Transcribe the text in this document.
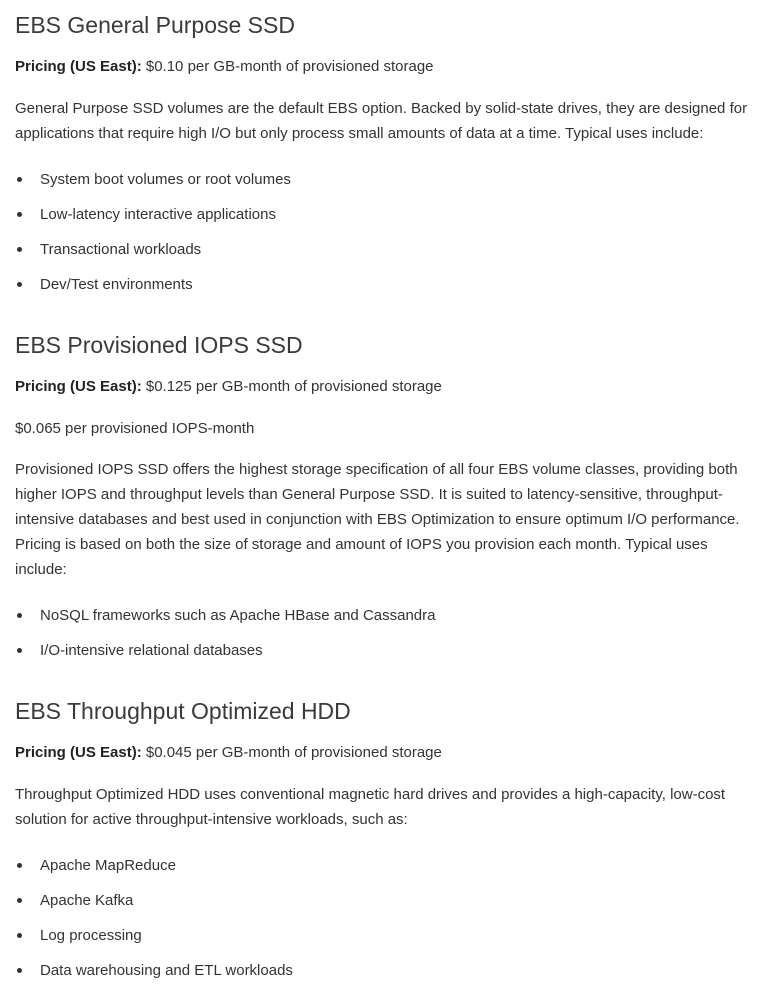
EBS General Purpose SSD

Pricing (US East): $0.10 per GB-month of provisioned storage

General Purpose SSD volumes are the default EBS option. Backed by solid-state drives, they are designed for applications that require high I/O but only process small amounts of data at a time. Typical uses include:

System boot volumes or root volumes
Low-latency interactive applications
Transactional workloads
Dev/Test environments
EBS Provisioned IOPS SSD

Pricing (US East): $0.125 per GB-month of provisioned storage

$0.065 per provisioned IOPS-month

Provisioned IOPS SSD offers the highest storage specification of all four EBS volume classes, providing both higher IOPS and throughput levels than General Purpose SSD. It is suited to latency-sensitive, throughput-intensive databases and best used in conjunction with EBS Optimization to ensure optimum I/O performance. Pricing is based on both the size of storage and amount of IOPS you provision each month. Typical uses include:

NoSQL frameworks such as Apache HBase and Cassandra
I/O-intensive relational databases
EBS Throughput Optimized HDD

Pricing (US East): $0.045 per GB-month of provisioned storage

Throughput Optimized HDD uses conventional magnetic hard drives and provides a high-capacity, low-cost solution for active throughput-intensive workloads, such as:

Apache MapReduce
Apache Kafka
Log processing
Data warehousing and ETL workloads
